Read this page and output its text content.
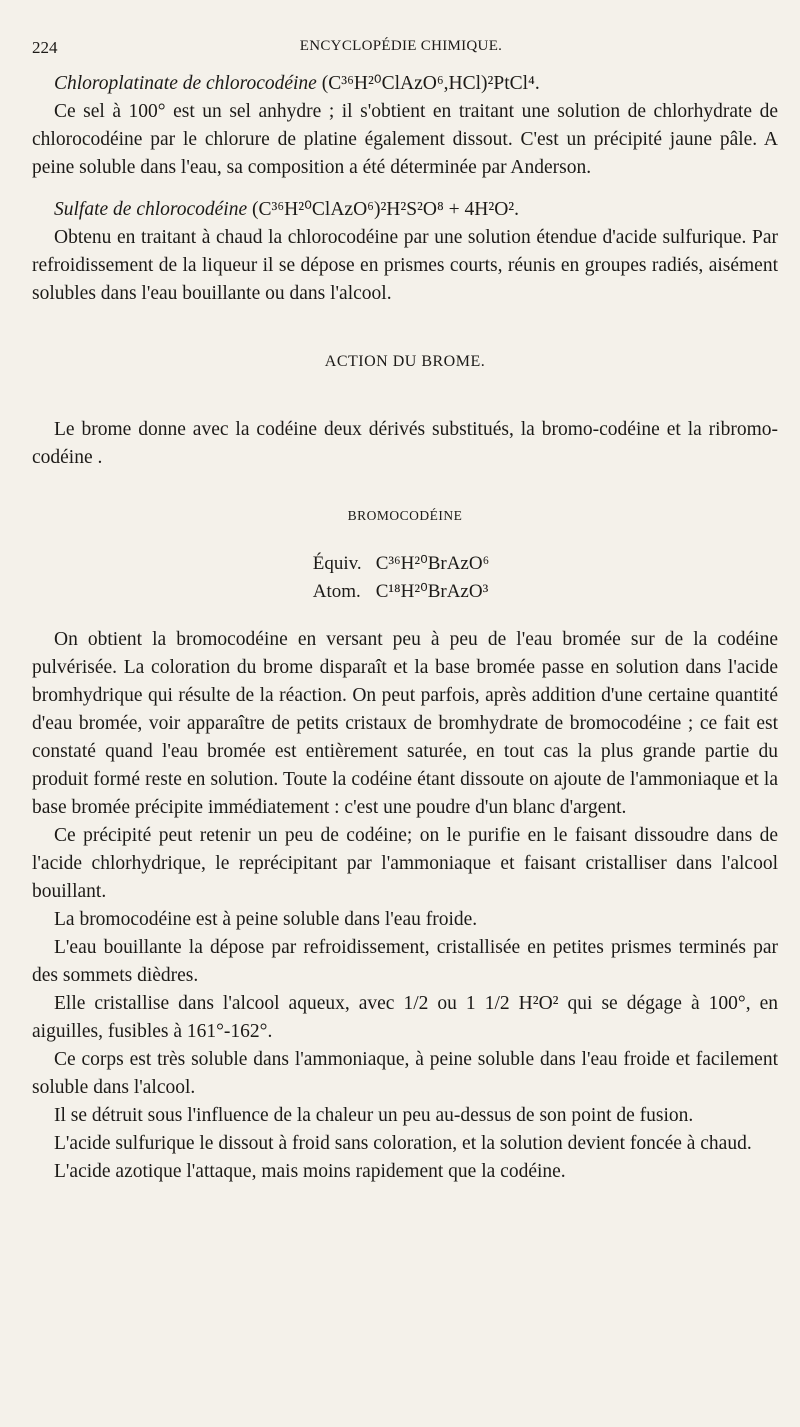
224	ENCYCLOPÉDIE CHIMIQUE.

Chloroplatinate de chlorocodéine (C³⁶H²⁰ClAzO⁶,HCl)²PtCl⁴.

Ce sel à 100° est un sel anhydre ; il s'obtient en traitant une solution de chlorhydrate de chlorocodéine par le chlorure de platine également dissout. C'est un précipité jaune pâle. A peine soluble dans l'eau, sa composition a été déterminée par Anderson.

Sulfate de chlorocodéine (C³⁶H²⁰ClAzO⁶)²H²S²O⁸ + 4H²O².

Obtenu en traitant à chaud la chlorocodéine par une solution étendue d'acide sulfurique. Par refroidissement de la liqueur il se dépose en prismes courts, réunis en groupes radiés, aisément solubles dans l'eau bouillante ou dans l'alcool.

ACTION DU BROME.

Le brome donne avec la codéine deux dérivés substitués, la bromo-codéine et la ribromo-codéine .

BROMOCODÉINE

Équiv.	C³⁶H²⁰BrAzO⁶
Atom.	C¹⁸H²⁰BrAzO³

On obtient la bromocodéine en versant peu à peu de l'eau bromée sur de la codéine pulvérisée. La coloration du brome disparaît et la base bromée passe en solution dans l'acide bromhydrique qui résulte de la réaction. On peut parfois, après addition d'une certaine quantité d'eau bromée, voir apparaître de petits cristaux de bromhydrate de bromocodéine ; ce fait est constaté quand l'eau bromée est entièrement saturée, en tout cas la plus grande partie du produit formé reste en solution. Toute la codéine étant dissoute on ajoute de l'ammoniaque et la base bromée précipite immédiatement : c'est une poudre d'un blanc d'argent.

Ce précipité peut retenir un peu de codéine; on le purifie en le faisant dissoudre dans de l'acide chlorhydrique, le reprécipitant par l'ammoniaque et faisant cristalliser dans l'alcool bouillant.

La bromocodéine est à peine soluble dans l'eau froide.

L'eau bouillante la dépose par refroidissement, cristallisée en petites prismes terminés par des sommets dièdres.

Elle cristallise dans l'alcool aqueux, avec 1/2 ou 1 1/2 H²O² qui se dégage à 100°, en aiguilles, fusibles à 161°-162°.

Ce corps est très soluble dans l'ammoniaque, à peine soluble dans l'eau froide et facilement soluble dans l'alcool.

Il se détruit sous l'influence de la chaleur un peu au-dessus de son point de fusion.

L'acide sulfurique le dissout à froid sans coloration, et la solution devient foncée à chaud.

L'acide azotique l'attaque, mais moins rapidement que la codéine.
